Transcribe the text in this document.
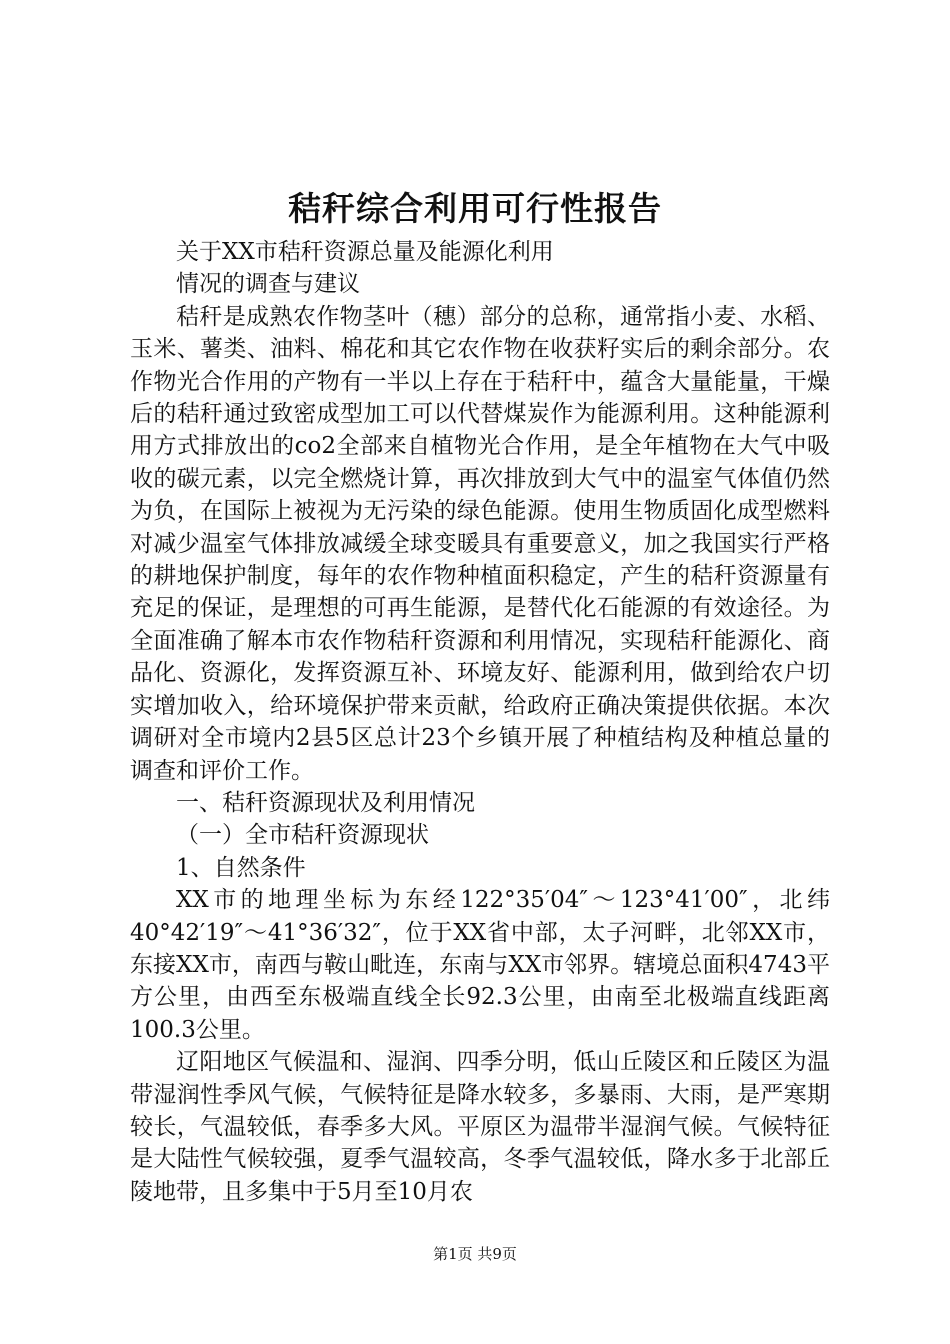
秸秆综合利用可行性报告

关于XX市秸秆资源总量及能源化利用

情况的调查与建议

秸秆是成熟农作物茎叶（穗）部分的总称，通常指小麦、水稻、玉米、薯类、油料、棉花和其它农作物在收获籽实后的剩余部分。农作物光合作用的产物有一半以上存在于秸秆中，蕴含大量能量，干燥后的秸秆通过致密成型加工可以代替煤炭作为能源利用。这种能源利用方式排放出的co2全部来自植物光合作用，是全年植物在大气中吸收的碳元素，以完全燃烧计算，再次排放到大气中的温室气体值仍然为负，在国际上被视为无污染的绿色能源。使用生物质固化成型燃料对减少温室气体排放减缓全球变暖具有重要意义，加之我国实行严格的耕地保护制度，每年的农作物种植面积稳定，产生的秸秆资源量有充足的保证，是理想的可再生能源，是替代化石能源的有效途径。为全面准确了解本市农作物秸秆资源和利用情况，实现秸秆能源化、商品化、资源化，发挥资源互补、环境友好、能源利用，做到给农户切实增加收入，给环境保护带来贡献，给政府正确决策提供依据。本次调研对全市境内2县5区总计23个乡镇开展了种植结构及种植总量的调查和评价工作。

一、秸秆资源现状及利用情况

（一）全市秸秆资源现状

1、自然条件

XX市的地理坐标为东经122°35′04″～123°41′00″，北纬40°42′19″～41°36′32″，位于XX省中部，太子河畔，北邻XX市，东接XX市，南西与鞍山毗连，东南与XX市邻界。辖境总面积4743平方公里，由西至东极端直线全长92.3公里，由南至北极端直线距离100.3公里。

辽阳地区气候温和、湿润、四季分明，低山丘陵区和丘陵区为温带湿润性季风气候，气候特征是降水较多，多暴雨、大雨，是严寒期较长，气温较低，春季多大风。平原区为温带半湿润气候。气候特征是大陆性气候较强，夏季气温较高，冬季气温较低，降水多于北部丘陵地带，且多集中于5月至10月农

第1页 共9页
